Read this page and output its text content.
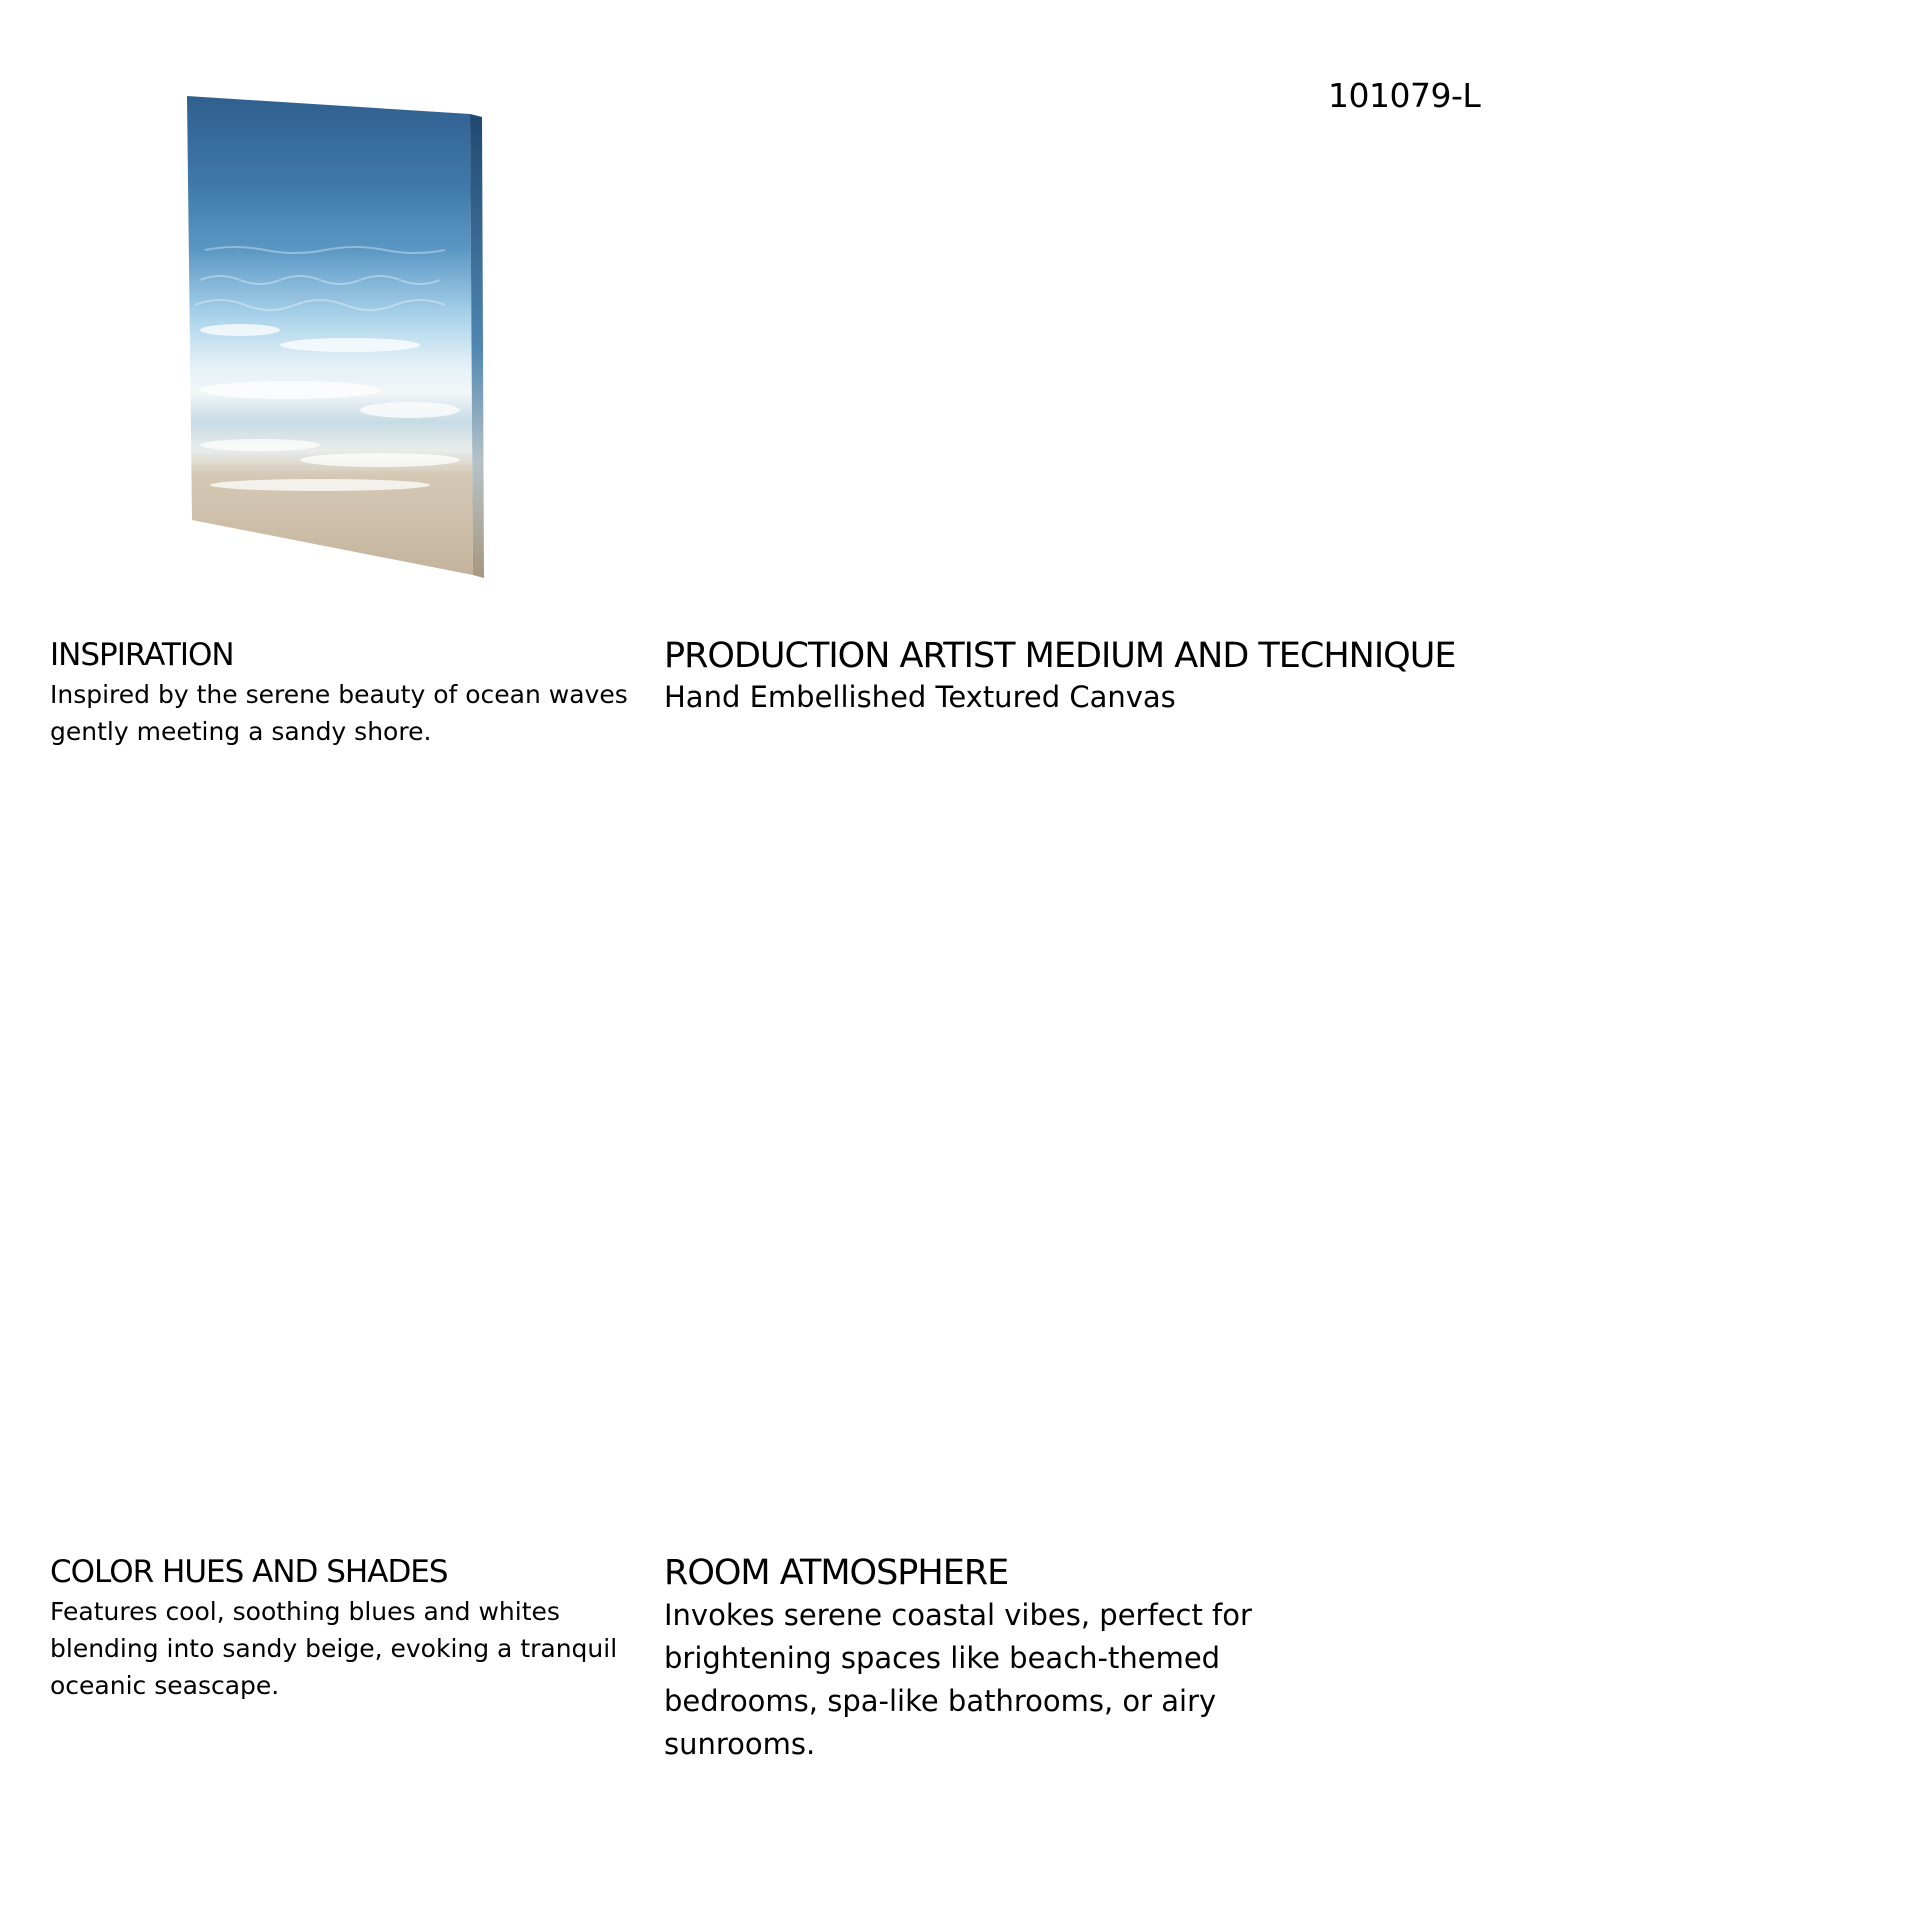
101079-L
INSPIRATION

Inspired by the serene beauty of ocean waves gently meeting a sandy shore.

PRODUCTION ARTIST MEDIUM AND TECHNIQUE

Hand Embellished Textured Canvas

COLOR HUES AND SHADES

Features cool, soothing blues and whites blending into sandy beige, evoking a tranquil oceanic seascape.

ROOM ATMOSPHERE

Invokes serene coastal vibes, perfect for brightening spaces like beach-themed bedrooms, spa-like bathrooms, or airy sunrooms.
